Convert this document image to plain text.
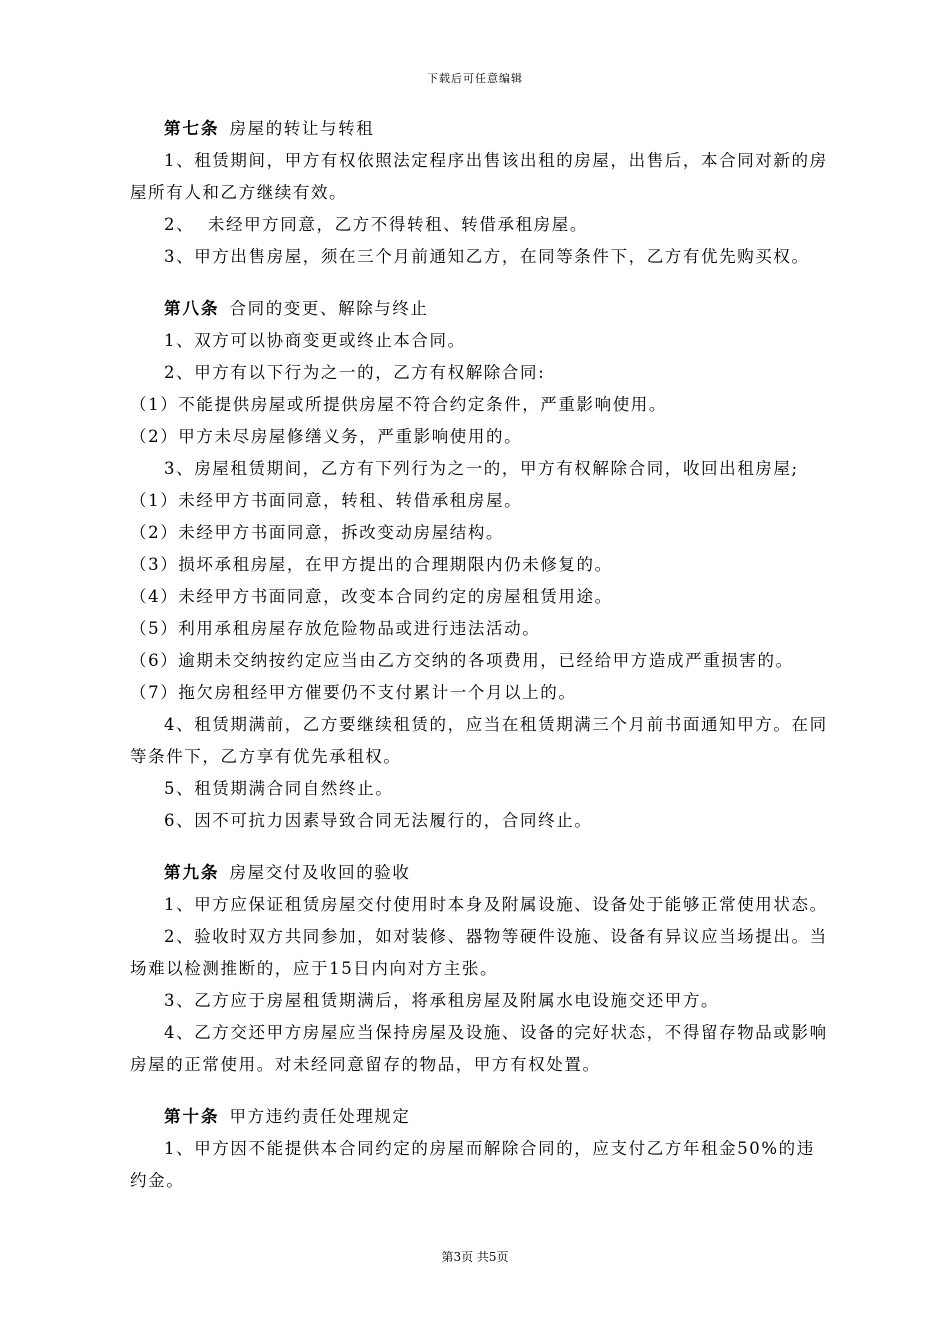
下载后可任意编辑

第七条 房屋的转让与转租

1、租赁期间，甲方有权依照法定程序出售该出租的房屋，出售后，本合同对新的房屋所有人和乙方继续有效。

2、  未经甲方同意，乙方不得转租、转借承租房屋。

3、甲方出售房屋，须在三个月前通知乙方，在同等条件下，乙方有优先购买权。

第八条 合同的变更、解除与终止

1、双方可以协商变更或终止本合同。

2、甲方有以下行为之一的，乙方有权解除合同:

（1）不能提供房屋或所提供房屋不符合约定条件，严重影响使用。

（2）甲方未尽房屋修缮义务，严重影响使用的。

3、房屋租赁期间，乙方有下列行为之一的，甲方有权解除合同，收回出租房屋;

（1）未经甲方书面同意，转租、转借承租房屋。

（2）未经甲方书面同意，拆改变动房屋结构。

（3）损坏承租房屋，在甲方提出的合理期限内仍未修复的。

（4）未经甲方书面同意，改变本合同约定的房屋租赁用途。

（5）利用承租房屋存放危险物品或进行违法活动。

（6）逾期未交纳按约定应当由乙方交纳的各项费用，已经给甲方造成严重损害的。

（7）拖欠房租经甲方催要仍不支付累计一个月以上的。

4、租赁期满前，乙方要继续租赁的，应当在租赁期满三个月前书面通知甲方。在同等条件下，乙方享有优先承租权。

5、租赁期满合同自然终止。

6、因不可抗力因素导致合同无法履行的，合同终止。

第九条 房屋交付及收回的验收

1、甲方应保证租赁房屋交付使用时本身及附属设施、设备处于能够正常使用状态。

2、验收时双方共同参加，如对装修、器物等硬件设施、设备有异议应当场提出。当场难以检测推断的，应于15日内向对方主张。

3、乙方应于房屋租赁期满后，将承租房屋及附属水电设施交还甲方。

4、乙方交还甲方房屋应当保持房屋及设施、设备的完好状态，不得留存物品或影响房屋的正常使用。对未经同意留存的物品，甲方有权处置。

第十条 甲方违约责任处理规定

1、甲方因不能提供本合同约定的房屋而解除合同的，应支付乙方年租金50%的违约金。

第3页 共5页
